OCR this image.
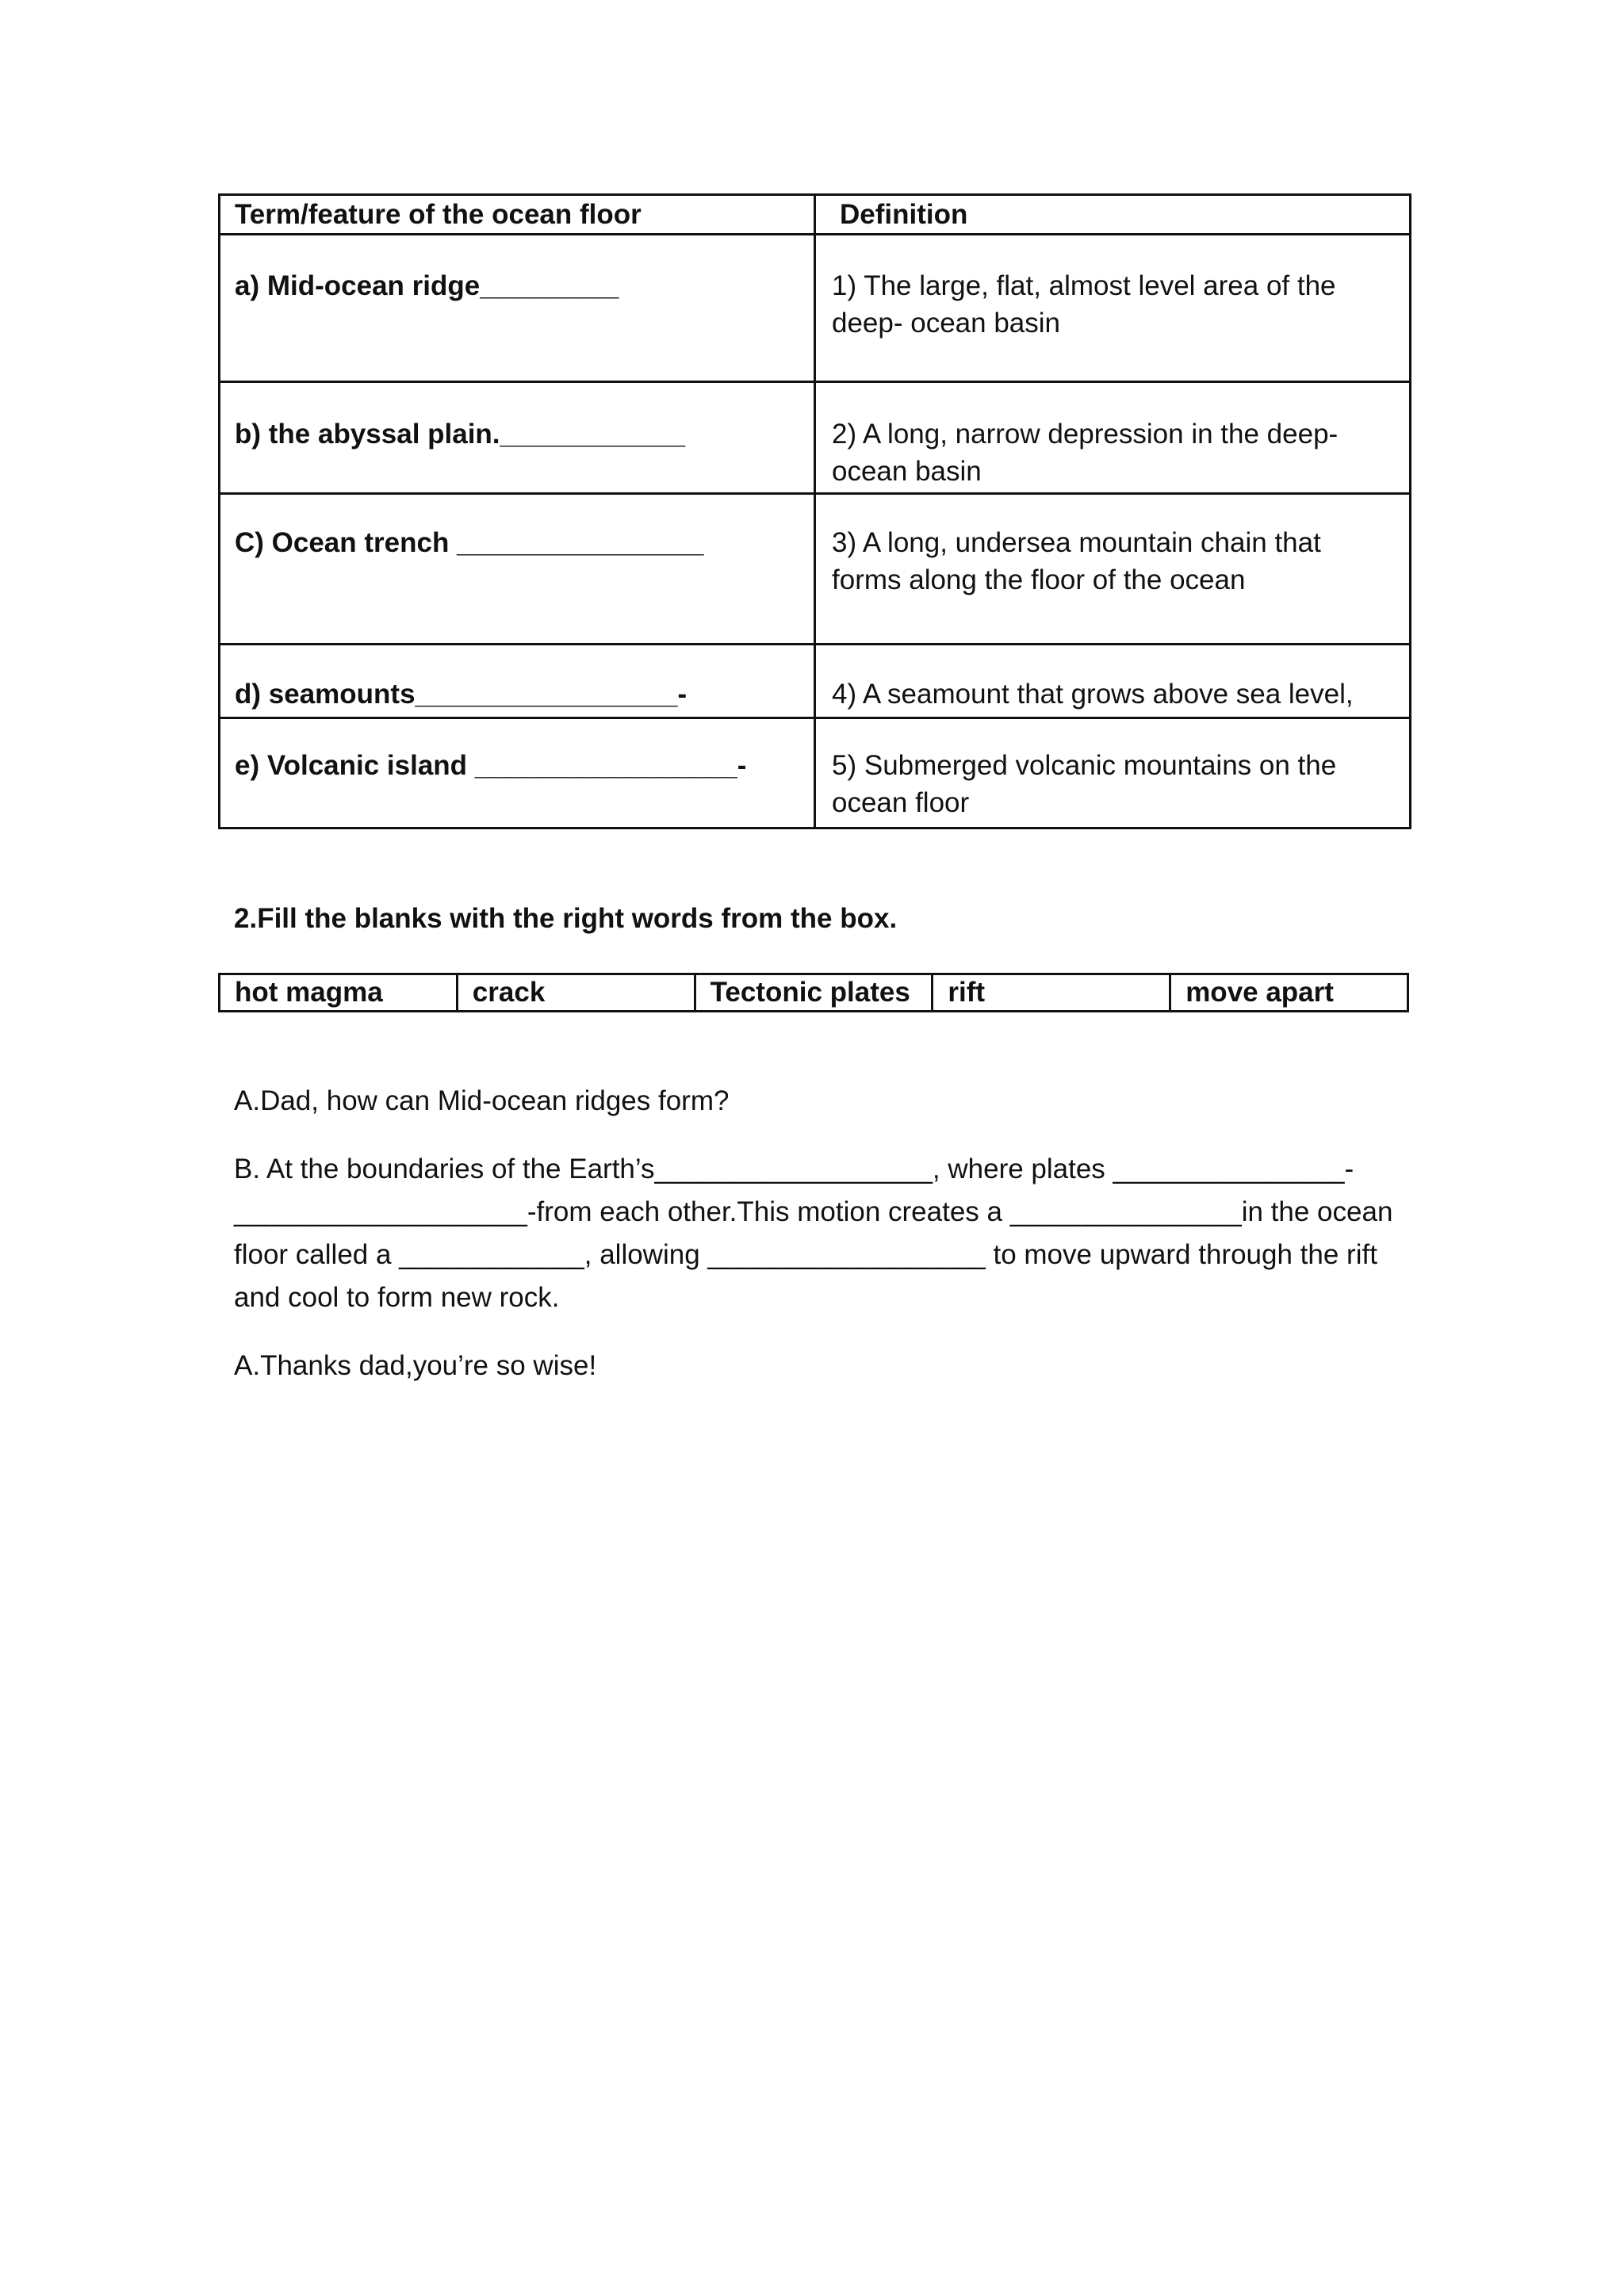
Term/feature of the ocean floor	Definition

a) Mid-ocean ridge_________	1) The large, flat, almost level area of the
deep- ocean basin

b) the abyssal plain.____________	2) A long, narrow depression in the deep-
ocean basin

C) Ocean trench ________________	3) A long, undersea mountain chain that
forms along the floor of the ocean

d) seamounts_________________-	4) A seamount that grows above sea level,

e) Volcanic island _________________-	5) Submerged volcanic mountains on the
ocean floor
2.Fill the blanks with the right words from the box.
hot magma	crack	Tectonic plates	rift	move apart
A.Dad, how can Mid-ocean ridges form?
B. At the boundaries of the Earth’s__________________, where plates _______________-
___________________-from each other.This motion creates a _______________in the ocean
floor called a ____________, allowing __________________ to move upward through the rift
and cool to form new rock.
A.Thanks dad,you’re so wise!
